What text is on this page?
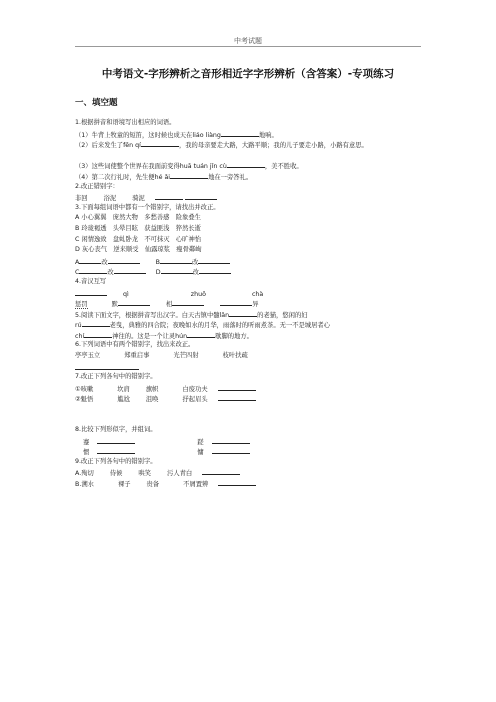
中考试题
中考语文-字形辨析之音形相近字字形辨析（含答案）-专项练习
一、填空题
1.根据拼音和语境写出相应的词语。
（1）牛背上牧童的短笛，这时候也成天在liáo liàng	地响。
（2）后来发生了fēn qí	，我的母亲要走大路，大路平顺；我的儿子要走小路，小路有意思。
（3）这些词使整个世界在我面前变得huā tuán jǐn cù	，美不胜收。
（4）第二次行礼时，先生便hé ǎi	地在一旁答礼。
2.改正错别字：
非回	浴泥	骑泥
3.下面每组词语中都有一个错别字，请找出并改正。
A 小心翼翼　庞然大物　多愁善感　险象叠生
B 玲珑褐透　头晕目眩　获益匪浅　猝然长逝
C 闲情逸致　盘虬卧龙　不可抹灭　心旷神怡
D 灰心丧气　逆来顺受　仙露琼浆　瘦骨鄰峋
A	改	B	改
C	改	D	改
4.音汉互写
qì	zhuō	chà
惩罚	默	相	异
5.阅读下面文字，根据拼音写出汉字。白天古镇中髓lǎn	的老猫，悠闲的妇
rú	老曳，典雅的四合院；夜晚如水的月华，雨落时的听雨煮茶。无一不是城居者心
chí	神往的。这是一个让灵hún	歇脚的地方。
6.下列词语中有两个错别字，找出来改正。
亭亭玉立	郑重启事	光芒四射	枝叶扶疏
7.改正下列各句中的错别字。
①咳嗽	坎肩	旗帜	白废功夫
②魁悟	尴尬	沮唤	抒起眉头
8.比较下列形似字，并组词。
蹇	蹉
惯	慵
9.改正下列各句中的错别字。
A.殉切	侍候	哄笑	污人青白
B.溯水	裸子	贵备	不屑置辨
